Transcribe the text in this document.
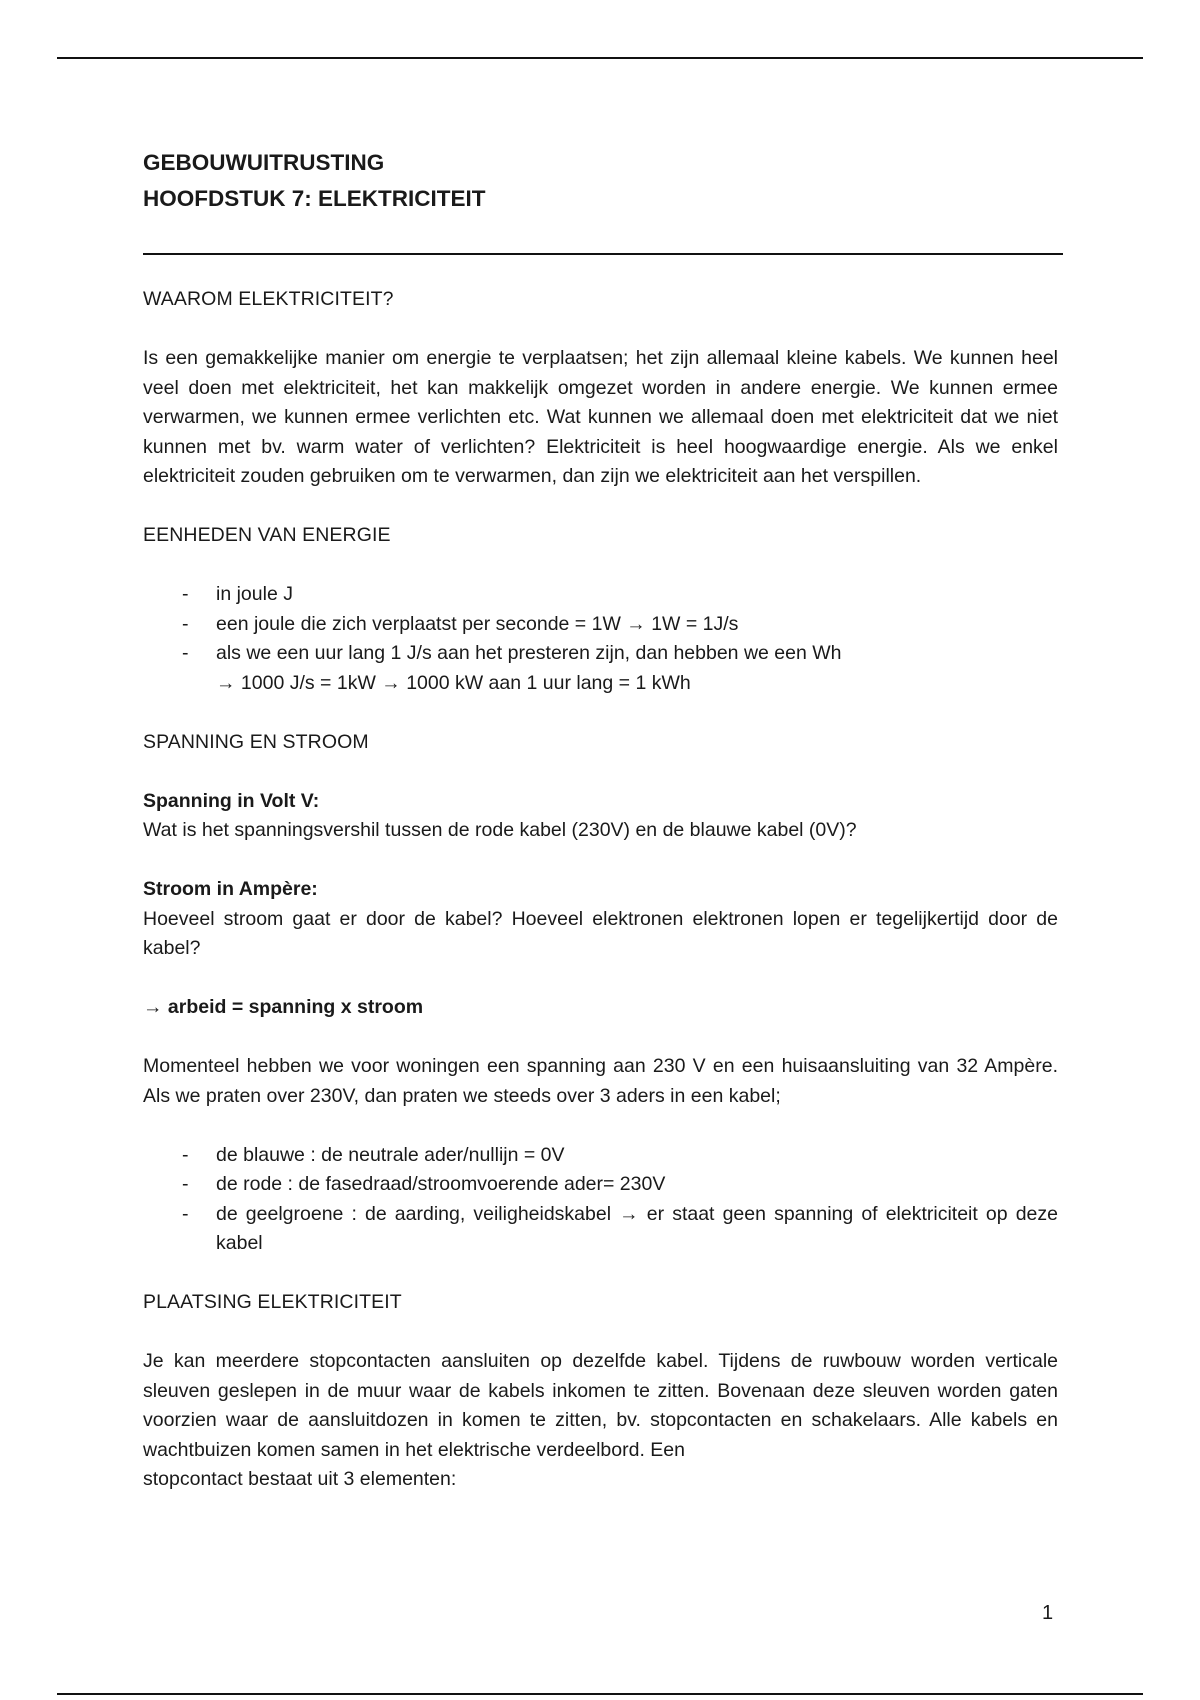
GEBOUWUITRUSTING
HOOFDSTUK 7: ELEKTRICITEIT
WAAROM ELEKTRICITEIT?

Is een gemakkelijke manier om energie te verplaatsen; het zijn allemaal kleine kabels. We kunnen heel veel doen met elektriciteit, het kan makkelijk omgezet worden in andere energie. We kunnen ermee verwarmen, we kunnen ermee verlichten etc. Wat kunnen we allemaal doen met elektriciteit dat we niet kunnen met bv. warm water of verlichten? Elektriciteit is heel hoogwaardige energie. Als we enkel elektriciteit zouden gebruiken om te verwarmen, dan zijn we elektriciteit aan het verspillen.

EENHEDEN VAN ENERGIE
- in joule J
- een joule die zich verplaatst per seconde = 1W → 1W = 1J/s
- als we een uur lang 1 J/s aan het presteren zijn, dan hebben we een Wh
→ 1000 J/s = 1kW → 1000 kW aan 1 uur lang = 1 kWh
SPANNING EN STROOM

Spanning in Volt V:

Wat is het spanningsvershil tussen de rode kabel (230V) en de blauwe kabel (0V)?

Stroom in Ampère:

Hoeveel stroom gaat er door de kabel? Hoeveel elektronen elektronen lopen er tegelijkertijd door de kabel?

→ arbeid = spanning x stroom

Momenteel hebben we voor woningen een spanning aan 230 V en een huisaansluiting van 32 Ampère. Als we praten over 230V, dan praten we steeds over 3 aders in een kabel;

- de blauwe : de neutrale ader/nullijn = 0V
- de rode : de fasedraad/stroomvoerende ader= 230V
- de geelgroene : de aarding, veiligheidskabel → er staat geen spanning of elektriciteit op deze kabel
PLAATSING ELEKTRICITEIT

Je kan meerdere stopcontacten aansluiten op dezelfde kabel. Tijdens de ruwbouw worden verticale sleuven geslepen in de muur waar de kabels inkomen te zitten. Bovenaan deze sleuven worden gaten voorzien waar de aansluitdozen in komen te zitten, bv. stopcontacten en schakelaars. Alle kabels en wachtbuizen komen samen in het elektrische verdeelbord. Een
stopcontact bestaat uit 3 elementen:

1
